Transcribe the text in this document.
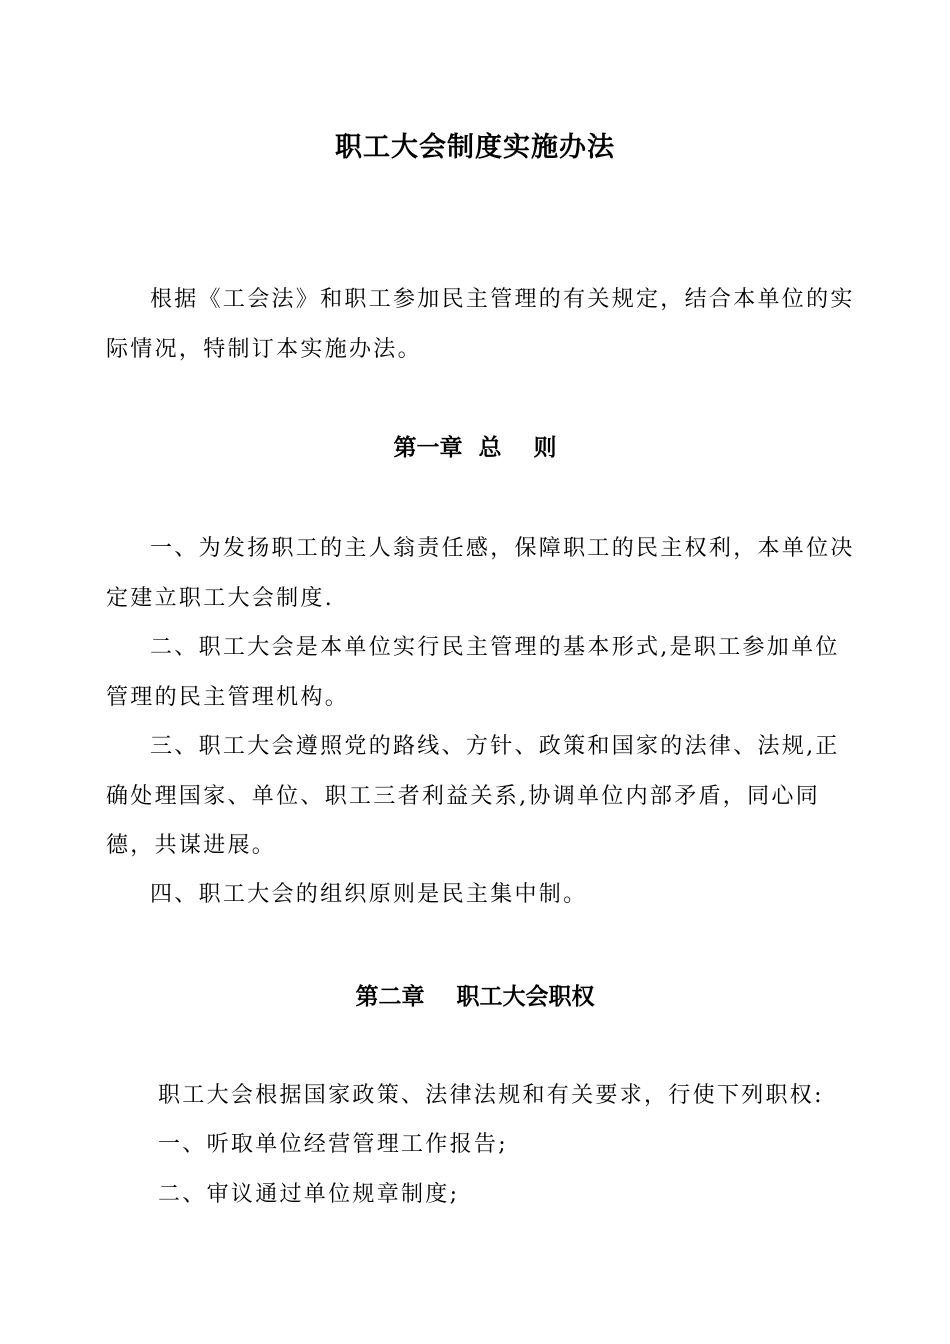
职工大会制度实施办法

根据《工会法》和职工参加民主管理的有关规定，结合本单位的实际情况，特制订本实施办法。

第一章  总    则

一、为发扬职工的主人翁责任感，保障职工的民主权利，本单位决定建立职工大会制度.

二、职工大会是本单位实行民主管理的基本形式,是职工参加单位管理的民主管理机构。

三、职工大会遵照党的路线、方针、政策和国家的法律、法规,正确处理国家、单位、职工三者利益关系,协调单位内部矛盾，同心同德，共谋进展。

四、职工大会的组织原则是民主集中制。

第二章    职工大会职权

职工大会根据国家政策、法律法规和有关要求，行使下列职权:

一、听取单位经营管理工作报告;

二、审议通过单位规章制度;
